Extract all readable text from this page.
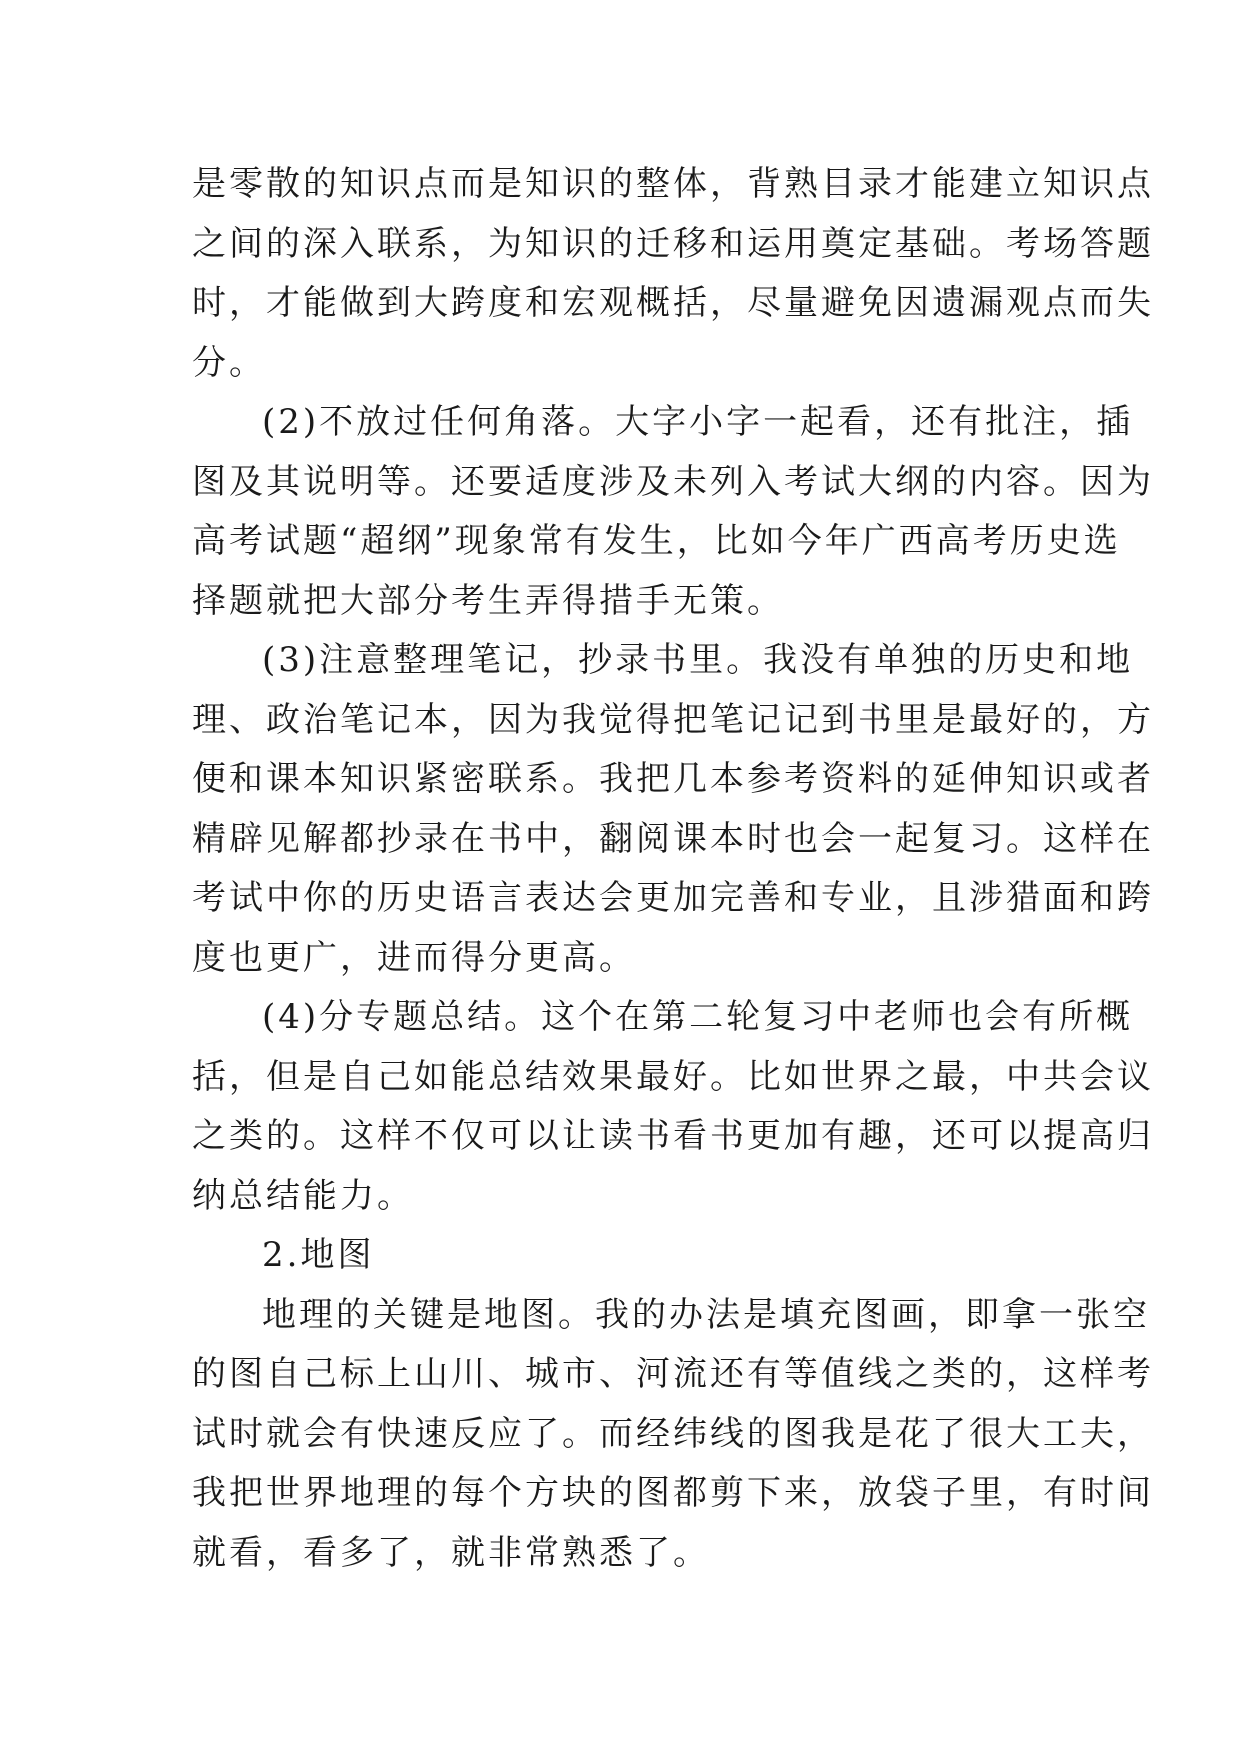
是零散的知识点而是知识的整体，背熟目录才能建立知识点
之间的深入联系，为知识的迁移和运用奠定基础。考场答题
时，才能做到大跨度和宏观概括，尽量避免因遗漏观点而失
分。
(2)不放过任何角落。大字小字一起看，还有批注，插
图及其说明等。还要适度涉及未列入考试大纲的内容。因为
高考试题“超纲”现象常有发生，比如今年广西高考历史选
择题就把大部分考生弄得措手无策。
(3)注意整理笔记，抄录书里。我没有单独的历史和地
理、政治笔记本，因为我觉得把笔记记到书里是最好的，方
便和课本知识紧密联系。我把几本参考资料的延伸知识或者
精辟见解都抄录在书中，翻阅课本时也会一起复习。这样在
考试中你的历史语言表达会更加完善和专业，且涉猎面和跨
度也更广，进而得分更高。
(4)分专题总结。这个在第二轮复习中老师也会有所概
括，但是自己如能总结效果最好。比如世界之最，中共会议
之类的。这样不仅可以让读书看书更加有趣，还可以提高归
纳总结能力。
2.地图
地理的关键是地图。我的办法是填充图画，即拿一张空
的图自己标上山川、城市、河流还有等值线之类的，这样考
试时就会有快速反应了。而经纬线的图我是花了很大工夫，
我把世界地理的每个方块的图都剪下来，放袋子里，有时间
就看，看多了，就非常熟悉了。
